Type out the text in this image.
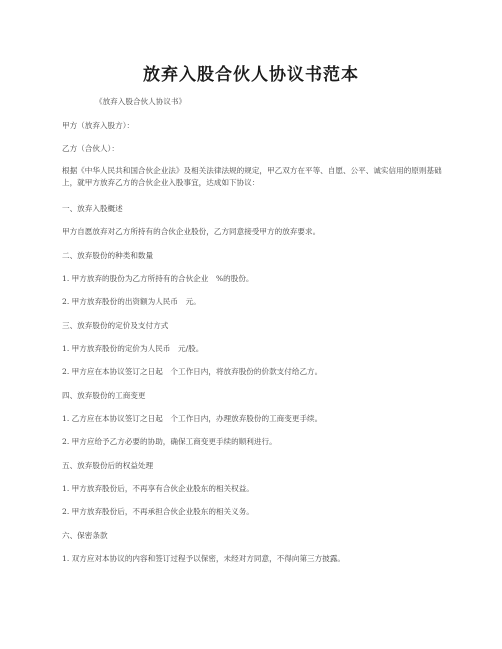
放弃入股合伙人协议书范本
《放弃入股合伙人协议书》
甲方（放弃入股方）：
乙方（合伙人）：
根据《中华人民共和国合伙企业法》及相关法律法规的规定，甲乙双方在平等、自愿、公平、诚实信用的原则基础上，就甲方放弃乙方的合伙企业入股事宜，达成如下协议：
一、放弃入股概述
甲方自愿放弃对乙方所持有的合伙企业股份，乙方同意接受甲方的放弃要求。
二、放弃股份的种类和数量
1. 甲方放弃的股份为乙方所持有的合伙企业　%的股份。
2. 甲方放弃股份的出资额为人民币　元。
三、放弃股份的定价及支付方式
1. 甲方放弃股份的定价为人民币　元/股。
2. 甲方应在本协议签订之日起　个工作日内，将放弃股份的价款支付给乙方。
四、放弃股份的工商变更
1. 乙方应在本协议签订之日起　个工作日内，办理放弃股份的工商变更手续。
2. 甲方应给予乙方必要的协助，确保工商变更手续的顺利进行。
五、放弃股份后的权益处理
1. 甲方放弃股份后，不再享有合伙企业股东的相关权益。
2. 甲方放弃股份后，不再承担合伙企业股东的相关义务。
六、保密条款
1. 双方应对本协议的内容和签订过程予以保密，未经对方同意，不得向第三方披露。
